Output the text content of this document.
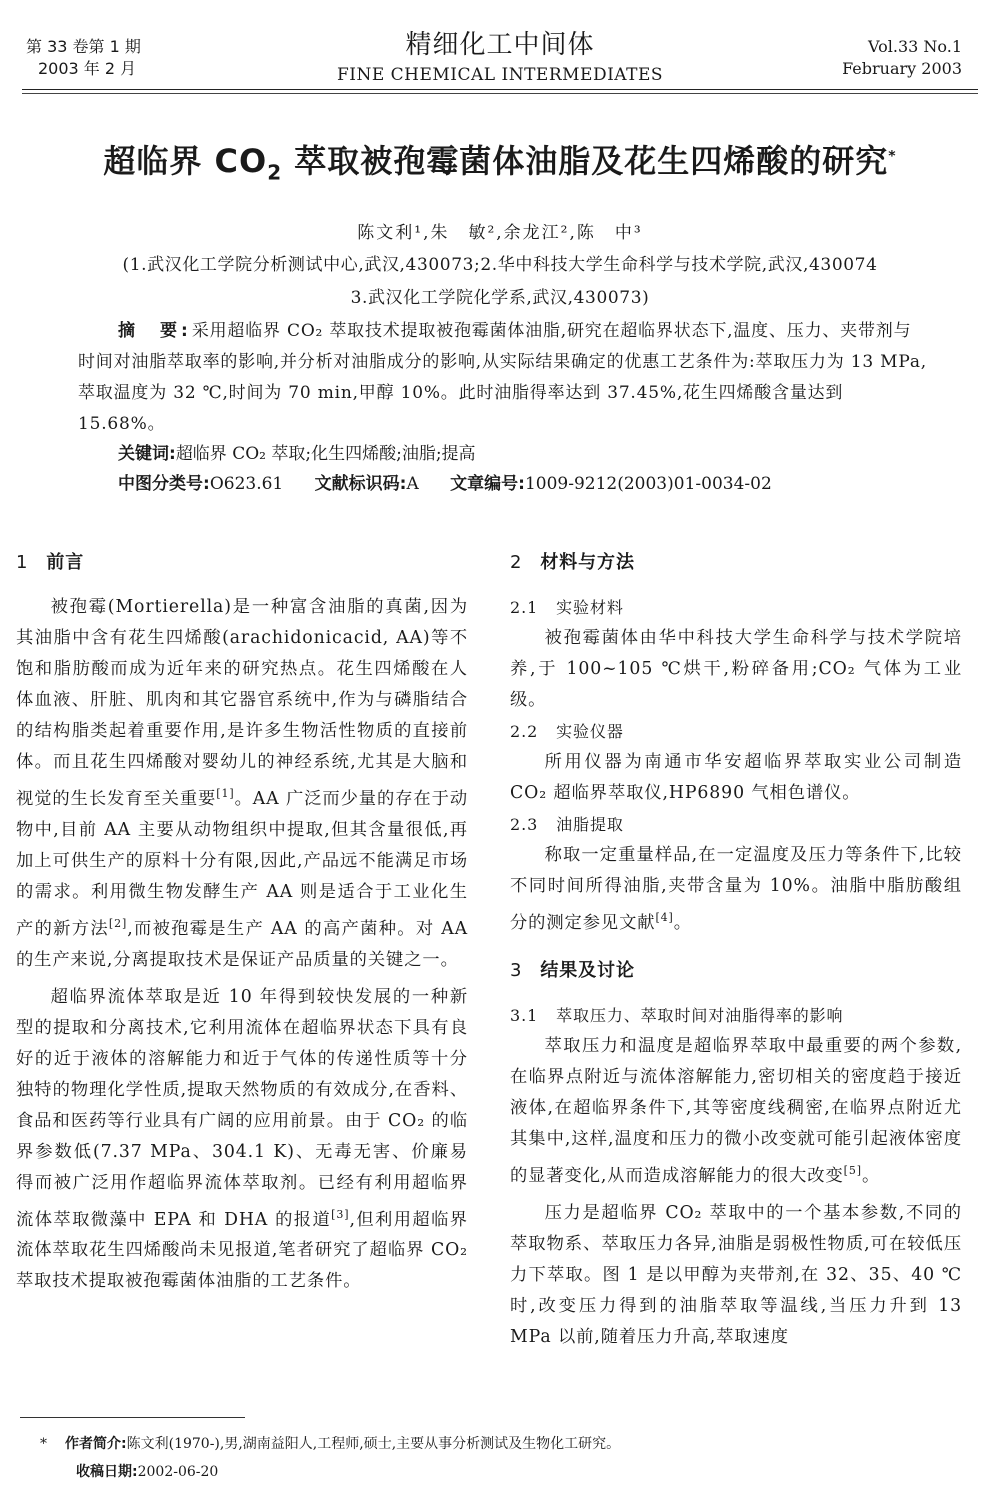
第 33 卷第 1 期
2003 年 2 月
精细化工中间体
FINE CHEMICAL INTERMEDIATES
Vol.33 No.1
February 2003
超临界 $CO_2$ 萃取被孢霉菌体油脂及花生四烯酸的研究*
陈文利¹,朱　敏²,余龙江²,陈　中³
(1.武汉化工学院分析测试中心,武汉,430073;2.华中科技大学生命科学与技术学院,武汉,430074
3.武汉化工学院化学系,武汉,430073)
摘　要:采用超临界 CO₂ 萃取技术提取被孢霉菌体油脂,研究在超临界状态下,温度、压力、夹带剂与时间对油脂萃取率的影响,并分析对油脂成分的影响,从实际结果确定的优惠工艺条件为:萃取压力为 13 MPa,萃取温度为 32 ℃,时间为 70 min,甲醇 10%。此时油脂得率达到 37.45%,花生四烯酸含量达到 15.68%。
关键词:超临界 CO₂ 萃取;化生四烯酸;油脂;提高
中图分类号:O623.61 文献标识码:A 文章编号:1009-9212(2003)01-0034-02
1 前言

被孢霉(Mortierella)是一种富含油脂的真菌,因为其油脂中含有花生四烯酸(arachidonicacid, AA)等不饱和脂肪酸而成为近年来的研究热点。花生四烯酸在人体血液、肝脏、肌肉和其它器官系统中,作为与磷脂结合的结构脂类起着重要作用,是许多生物活性物质的直接前体。而且花生四烯酸对婴幼儿的神经系统,尤其是大脑和视觉的生长发育至关重要[1]。AA 广泛而少量的存在于动物中,目前 AA 主要从动物组织中提取,但其含量很低,再加上可供生产的原料十分有限,因此,产品远不能满足市场的需求。利用微生物发酵生产 AA 则是适合于工业化生产的新方法[2],而被孢霉是生产 AA 的高产菌种。对 AA 的生产来说,分离提取技术是保证产品质量的关键之一。

超临界流体萃取是近 10 年得到较快发展的一种新型的提取和分离技术,它利用流体在超临界状态下具有良好的近于液体的溶解能力和近于气体的传递性质等十分独特的物理化学性质,提取天然物质的有效成分,在香料、食品和医药等行业具有广阔的应用前景。由于 CO₂ 的临界参数低(7.37 MPa、304.1 K)、无毒无害、价廉易得而被广泛用作超临界流体萃取剂。已经有利用超临界流体萃取微藻中 EPA 和 DHA 的报道[3],但利用超临界流体萃取花生四烯酸尚未见报道,笔者研究了超临界 CO₂ 萃取技术提取被孢霉菌体油脂的工艺条件。

2 材料与方法
2.1 实验材料

被孢霉菌体由华中科技大学生命科学与技术学院培养,于 100~105 ℃烘干,粉碎备用;CO₂ 气体为工业级。

2.2 实验仪器

所用仪器为南通市华安超临界萃取实业公司制造 CO₂ 超临界萃取仪,HP6890 气相色谱仪。

2.3 油脂提取

称取一定重量样品,在一定温度及压力等条件下,比较不同时间所得油脂,夹带含量为 10%。油脂中脂肪酸组分的测定参见文献[4]。

3 结果及讨论
3.1 萃取压力、萃取时间对油脂得率的影响

萃取压力和温度是超临界萃取中最重要的两个参数,在临界点附近与流体溶解能力,密切相关的密度趋于接近液体,在超临界条件下,其等密度线稠密,在临界点附近尤其集中,这样,温度和压力的微小改变就可能引起液体密度的显著变化,从而造成溶解能力的很大改变[5]。

压力是超临界 CO₂ 萃取中的一个基本参数,不同的萃取物系、萃取压力各异,油脂是弱极性物质,可在较低压力下萃取。图 1 是以甲醇为夹带剂,在 32、35、40 ℃时,改变压力得到的油脂萃取等温线,当压力升到 13 MPa 以前,随着压力升高,萃取速度

* 作者简介:陈文利(1970-),男,湖南益阳人,工程师,硕士,主要从事分析测试及生物化工研究。
收稿日期:2002-06-20
